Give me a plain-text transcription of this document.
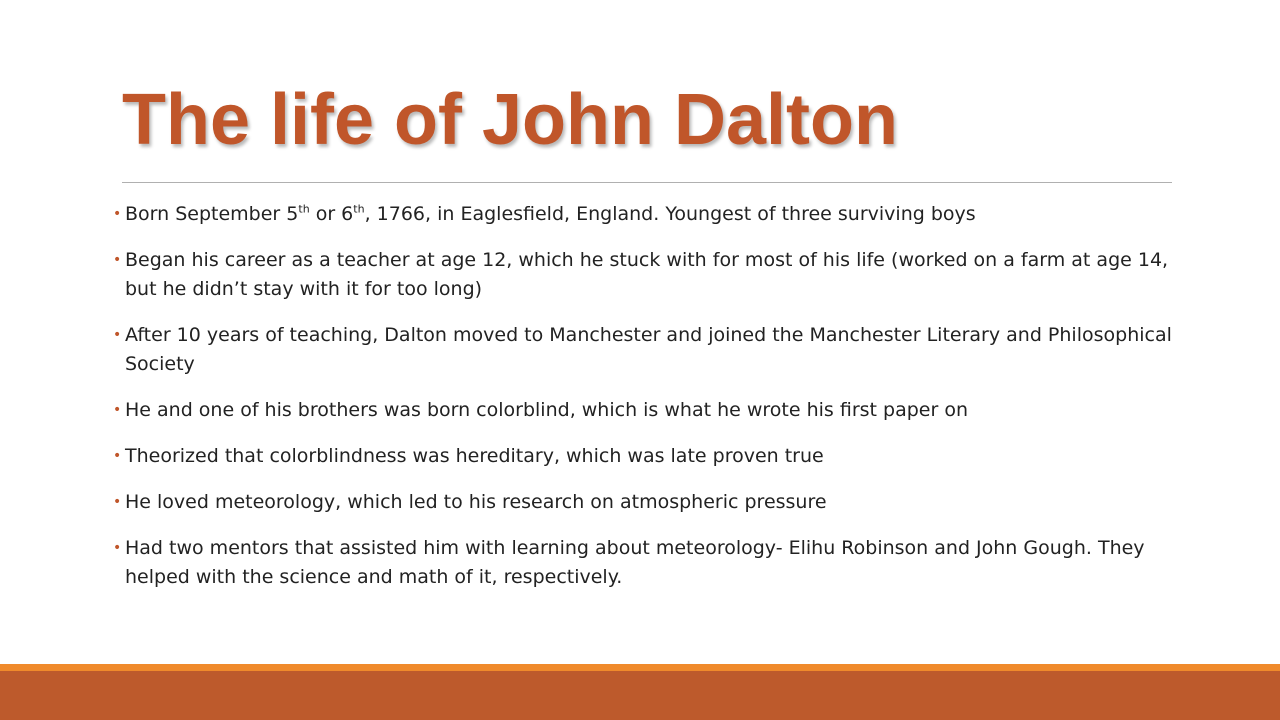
The life of John Dalton
• Born September 5th or 6th, 1766, in Eaglesfield, England. Youngest of three surviving boys
• Began his career as a teacher at age 12, which he stuck with for most of his life (worked on a farm at age 14, but he didn’t stay with it for too long)
• After 10 years of teaching, Dalton moved to Manchester and joined the Manchester Literary and Philosophical Society
• He and one of his brothers was born colorblind, which is what he wrote his first paper on
• Theorized that colorblindness was hereditary, which was late proven true
• He loved meteorology, which led to his research on atmospheric pressure
• Had two mentors that assisted him with learning about meteorology- Elihu Robinson and John Gough. They helped with the science and math of it, respectively.
